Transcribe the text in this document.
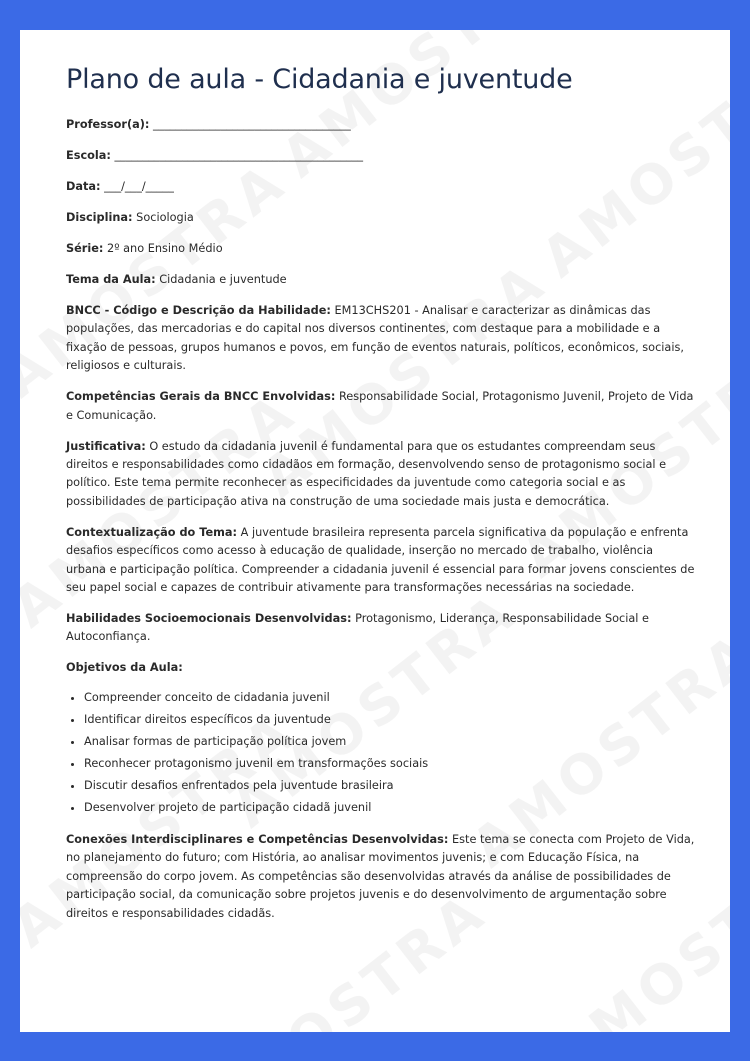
Plano de aula - Cidadania e juventude

Professor(a): ___________________________________

Escola: ____________________________________________

Data: ___/___/_____

Disciplina: Sociologia

Série: 2º ano Ensino Médio

Tema da Aula: Cidadania e juventude

BNCC - Código e Descrição da Habilidade: EM13CHS201 - Analisar e caracterizar as dinâmicas das populações, das mercadorias e do capital nos diversos continentes, com destaque para a mobilidade e a fixação de pessoas, grupos humanos e povos, em função de eventos naturais, políticos, econômicos, sociais, religiosos e culturais.

Competências Gerais da BNCC Envolvidas: Responsabilidade Social, Protagonismo Juvenil, Projeto de Vida e Comunicação.

Justificativa: O estudo da cidadania juvenil é fundamental para que os estudantes compreendam seus direitos e responsabilidades como cidadãos em formação, desenvolvendo senso de protagonismo social e político. Este tema permite reconhecer as especificidades da juventude como categoria social e as possibilidades de participação ativa na construção de uma sociedade mais justa e democrática.

Contextualização do Tema: A juventude brasileira representa parcela significativa da população e enfrenta desafios específicos como acesso à educação de qualidade, inserção no mercado de trabalho, violência urbana e participação política. Compreender a cidadania juvenil é essencial para formar jovens conscientes de seu papel social e capazes de contribuir ativamente para transformações necessárias na sociedade.

Habilidades Socioemocionais Desenvolvidas: Protagonismo, Liderança, Responsabilidade Social e Autoconfiança.

Objetivos da Aula:

• Compreender conceito de cidadania juvenil
• Identificar direitos específicos da juventude
• Analisar formas de participação política jovem
• Reconhecer protagonismo juvenil em transformações sociais
• Discutir desafios enfrentados pela juventude brasileira
• Desenvolver projeto de participação cidadã juvenil

Conexões Interdisciplinares e Competências Desenvolvidas: Este tema se conecta com Projeto de Vida, no planejamento do futuro; com História, ao analisar movimentos juvenis; e com Educação Física, na compreensão do corpo jovem. As competências são desenvolvidas através da análise de possibilidades de participação social, da comunicação sobre projetos juvenis e do desenvolvimento de argumentação sobre direitos e responsabilidades cidadãs.
